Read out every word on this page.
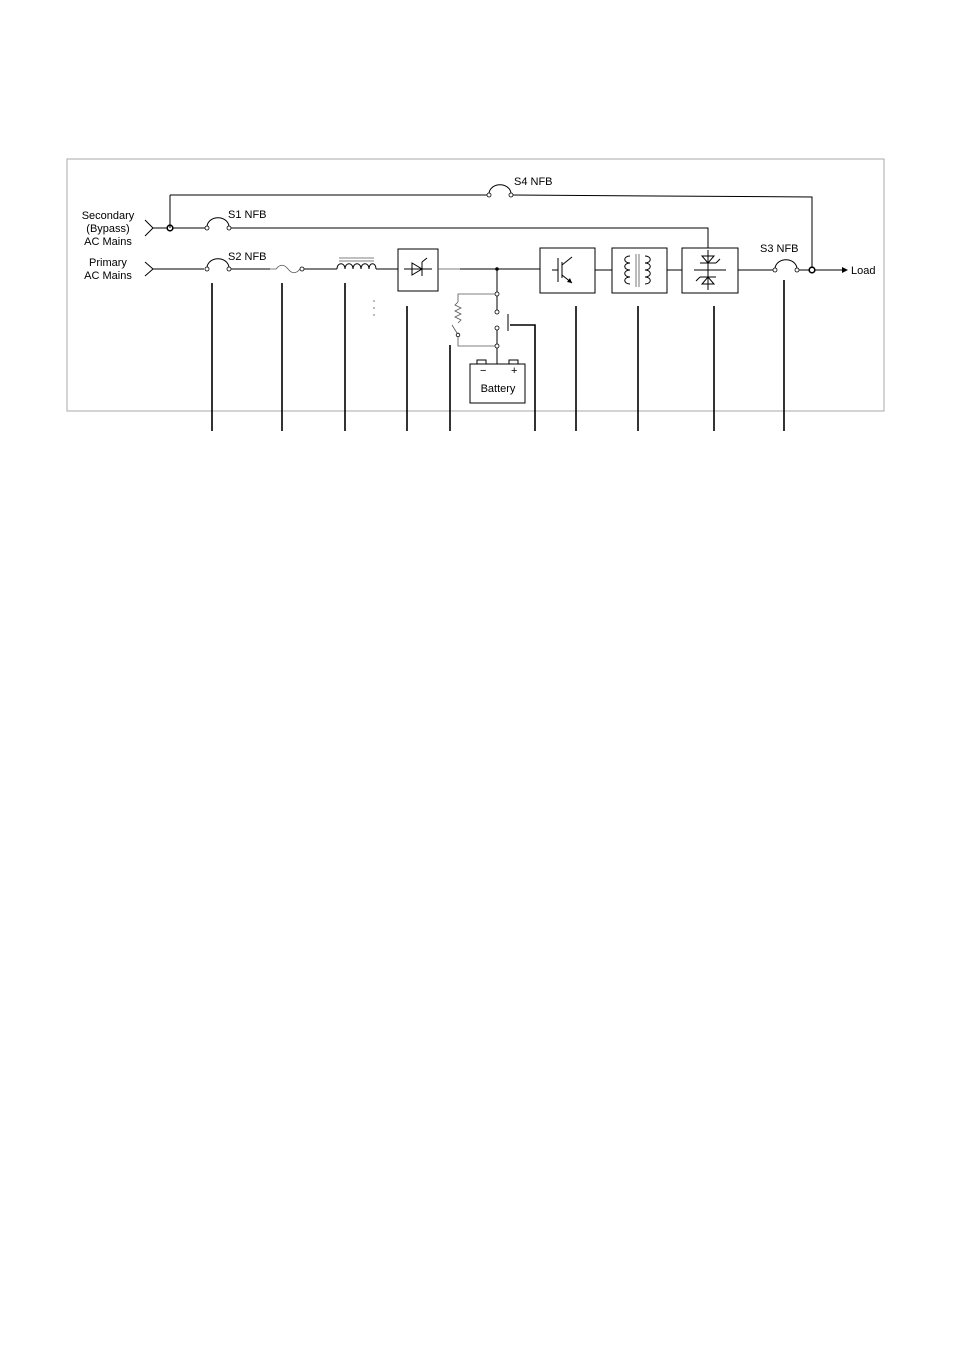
Secondary
(Bypass)
AC Mains
Primary
AC Mains
S4 NFB
S1 NFB
S2 NFB
− +
Battery
S3 NFB
Load
